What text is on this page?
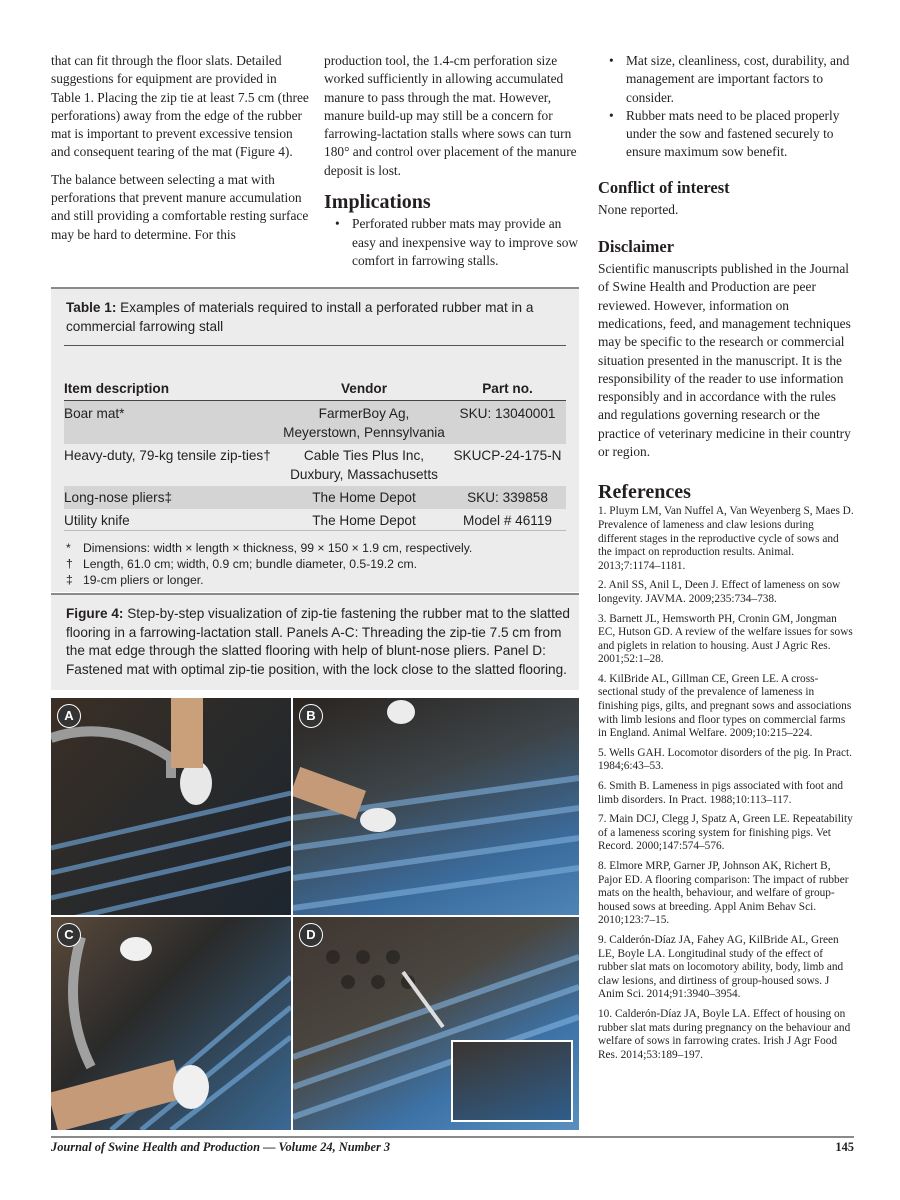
that can fit through the floor slats. Detailed suggestions for equipment are provided in Table 1. Placing the zip tie at least 7.5 cm (three perforations) away from the edge of the rubber mat is important to prevent excessive tension and consequent tearing of the mat (Figure 4).

The balance between selecting a mat with perforations that prevent manure accumulation and still providing a comfortable resting surface may be hard to determine. For this

production tool, the 1.4-cm perforation size worked sufficiently in allowing accumulated manure to pass through the mat. However, manure build-up may still be a concern for farrowing-lactation stalls where sows can turn 180° and control over placement of the manure deposit is lost.

Implications
• Perforated rubber mats may provide an easy and inexpensive way to improve sow comfort in farrowing stalls.
• Mat size, cleanliness, cost, durability, and management are important factors to consider.
• Rubber mats need to be placed properly under the sow and fastened securely to ensure maximum sow benefit.
Conflict of interest

None reported.

Disclaimer

Scientific manuscripts published in the Journal of Swine Health and Production are peer reviewed. However, information on medications, feed, and management techniques may be specific to the research or commercial situation presented in the manuscript. It is the responsibility of the reader to use information responsibly and in accordance with the rules and regulations governing research or the practice of veterinary medicine in their country or region.

References
1. Pluym LM, Van Nuffel A, Van Weyenberg S, Maes D. Prevalence of lameness and claw lesions during different stages in the reproductive cycle of sows and the impact on reproduction results. Animal. 2013;7:1174–1181.
2. Anil SS, Anil L, Deen J. Effect of lameness on sow longevity. JAVMA. 2009;235:734–738.
3. Barnett JL, Hemsworth PH, Cronin GM, Jongman EC, Hutson GD. A review of the welfare issues for sows and piglets in relation to housing. Aust J Agric Res. 2001;52:1–28.
4. KilBride AL, Gillman CE, Green LE. A cross-sectional study of the prevalence of lameness in finishing pigs, gilts, and pregnant sows and associations with limb lesions and floor types on commercial farms in England. Animal Welfare. 2009;10:215–224.
5. Wells GAH. Locomotor disorders of the pig. In Pract. 1984;6:43–53.
6. Smith B. Lameness in pigs associated with foot and limb disorders. In Pract. 1988;10:113–117.
7. Main DCJ, Clegg J, Spatz A, Green LE. Repeatability of a lameness scoring system for finishing pigs. Vet Record. 2000;147:574–576.
8. Elmore MRP, Garner JP, Johnson AK, Richert B, Pajor ED. A flooring comparison: The impact of rubber mats on the health, behaviour, and welfare of group-housed sows at breeding. Appl Anim Behav Sci. 2010;123:7–15.
9. Calderón-Díaz JA, Fahey AG, KilBride AL, Green LE, Boyle LA. Longitudinal study of the effect of rubber slat mats on locomotory ability, body, limb and claw lesions, and dirtiness of group-housed sows. J Anim Sci. 2014;91:3940–3954.
10. Calderón-Díaz JA, Boyle LA. Effect of housing on rubber slat mats during pregnancy on the behaviour and welfare of sows in farrowing crates. Irish J Agr Food Res. 2014;53:189–197.
Table 1: Examples of materials required to install a perforated rubber mat in a commercial farrowing stall
Item description	Vendor	Part no.
Boar mat*	FarmerBoy Ag, Meyerstown, Pennsylvania	SKU: 13040001
Heavy-duty, 79-kg tensile zip-ties†	Cable Ties Plus Inc, Duxbury, Massachusetts	SKUCP-24-175-N
Long-nose pliers‡	The Home Depot	SKU: 339858
Utility knife	The Home Depot	Model # 46119
* Dimensions: width × length × thickness, 99 × 150 × 1.9 cm, respectively.
† Length, 61.0 cm; width, 0.9 cm; bundle diameter, 0.5-19.2 cm.
‡ 19-cm pliers or longer.
Figure 4: Step-by-step visualization of zip-tie fastening the rubber mat to the slatted flooring in a farrowing-lactation stall. Panels A-C: Threading the zip-tie 7.5 cm from the mat edge through the slatted flooring with help of blunt-nose pliers. Panel D: Fastened mat with optimal zip-tie position, with the lock close to the slatted flooring.
A	B
C	D
Journal of Swine Health and Production — Volume 24, Number 3	145
